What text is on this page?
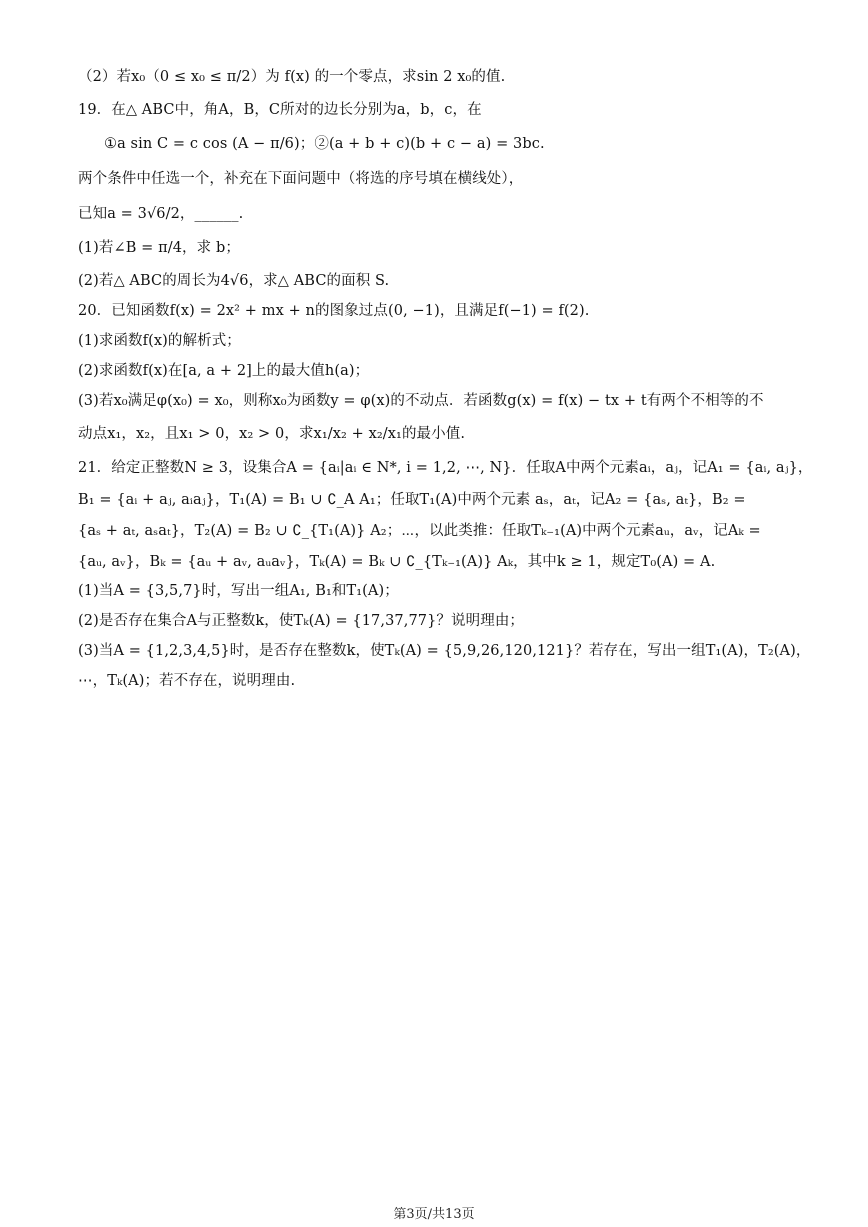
（2）若x₀（0 ≤ x₀ ≤ π/2）为 f(x) 的一个零点，求sin 2 x₀的值.
19．在△ ABC中，角A，B，C所对的边长分别为a，b，c，在
①a sin C = c cos (A − π/6)；②(a + b + c)(b + c − a) = 3bc.
两个条件中任选一个，补充在下面问题中（将选的序号填在横线处），
已知a = 3√6/2，______.
(1)若∠B = π/4，求 b；
(2)若△ ABC的周长为4√6，求△ ABC的面积 S.
20．已知函数f(x) = 2x² + mx + n的图象过点(0, −1)，且满足f(−1) = f(2).
(1)求函数f(x)的解析式；
(2)求函数f(x)在[a, a + 2]上的最大值h(a)；
(3)若x₀满足φ(x₀) = x₀，则称x₀为函数y = φ(x)的不动点．若函数g(x) = f(x) − tx + t有两个不相等的不
动点x₁，x₂，且x₁ > 0，x₂ > 0，求x₁/x₂ + x₂/x₁的最小值.
21．给定正整数N ≥ 3，设集合A = {aᵢ|aᵢ ∈ N*, i = 1,2, ⋯, N}．任取A中两个元素aᵢ，aⱼ，记A₁ = {aᵢ, aⱼ}，
B₁ = {aᵢ + aⱼ, aᵢaⱼ}，T₁(A) = B₁ ∪ ∁_A A₁；任取T₁(A)中两个元素 aₛ，aₜ，记A₂ = {aₛ, aₜ}，B₂ =
{aₛ + aₜ, aₛaₜ}，T₂(A) = B₂ ∪ ∁_{T₁(A)} A₂；⋯，以此类推：任取Tₖ₋₁(A)中两个元素aᵤ，aᵥ，记Aₖ =
{aᵤ, aᵥ}，Bₖ = {aᵤ + aᵥ, aᵤaᵥ}，Tₖ(A) = Bₖ ∪ ∁_{Tₖ₋₁(A)} Aₖ，其中k ≥ 1，规定T₀(A) = A.
(1)当A = {3,5,7}时，写出一组A₁, B₁和T₁(A)；
(2)是否存在集合A与正整数k，使Tₖ(A) = {17,37,77}？说明理由；
(3)当A = {1,2,3,4,5}时，是否存在整数k，使Tₖ(A) = {5,9,26,120,121}？若存在，写出一组T₁(A)，T₂(A)，
⋯，Tₖ(A)；若不存在，说明理由.
第3页/共13页
